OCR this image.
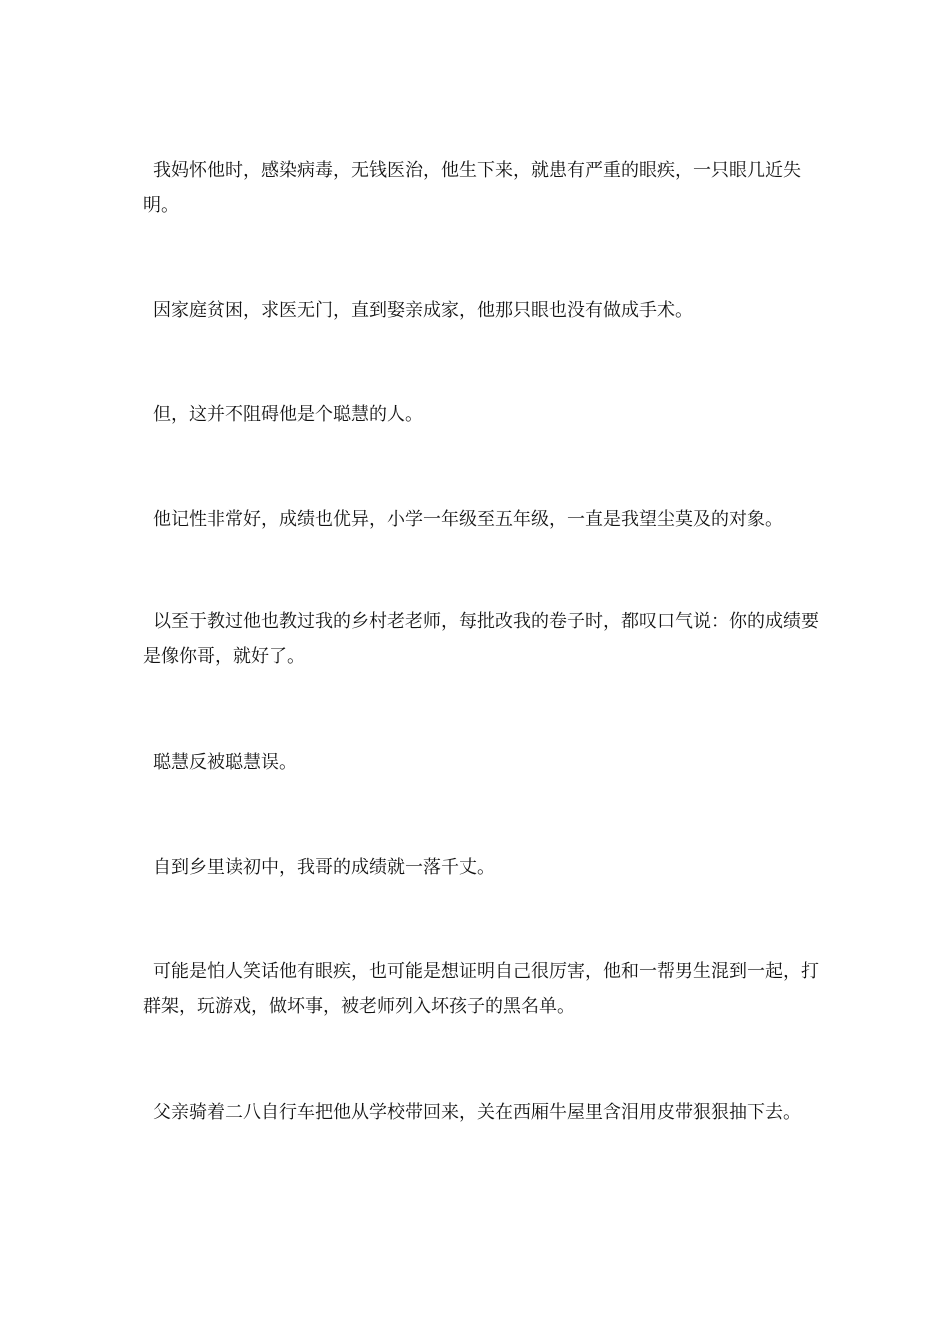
我妈怀他时，感染病毒，无钱医治，他生下来，就患有严重的眼疾，一只眼几近失明。

因家庭贫困，求医无门，直到娶亲成家，他那只眼也没有做成手术。

但，这并不阻碍他是个聪慧的人。

他记性非常好，成绩也优异，小学一年级至五年级，一直是我望尘莫及的对象。

以至于教过他也教过我的乡村老老师，每批改我的卷子时，都叹口气说：你的成绩要是像你哥，就好了。

聪慧反被聪慧误。

自到乡里读初中，我哥的成绩就一落千丈。

可能是怕人笑话他有眼疾，也可能是想证明自己很厉害，他和一帮男生混到一起，打群架，玩游戏，做坏事，被老师列入坏孩子的黑名单。

父亲骑着二八自行车把他从学校带回来，关在西厢牛屋里含泪用皮带狠狠抽下去。
